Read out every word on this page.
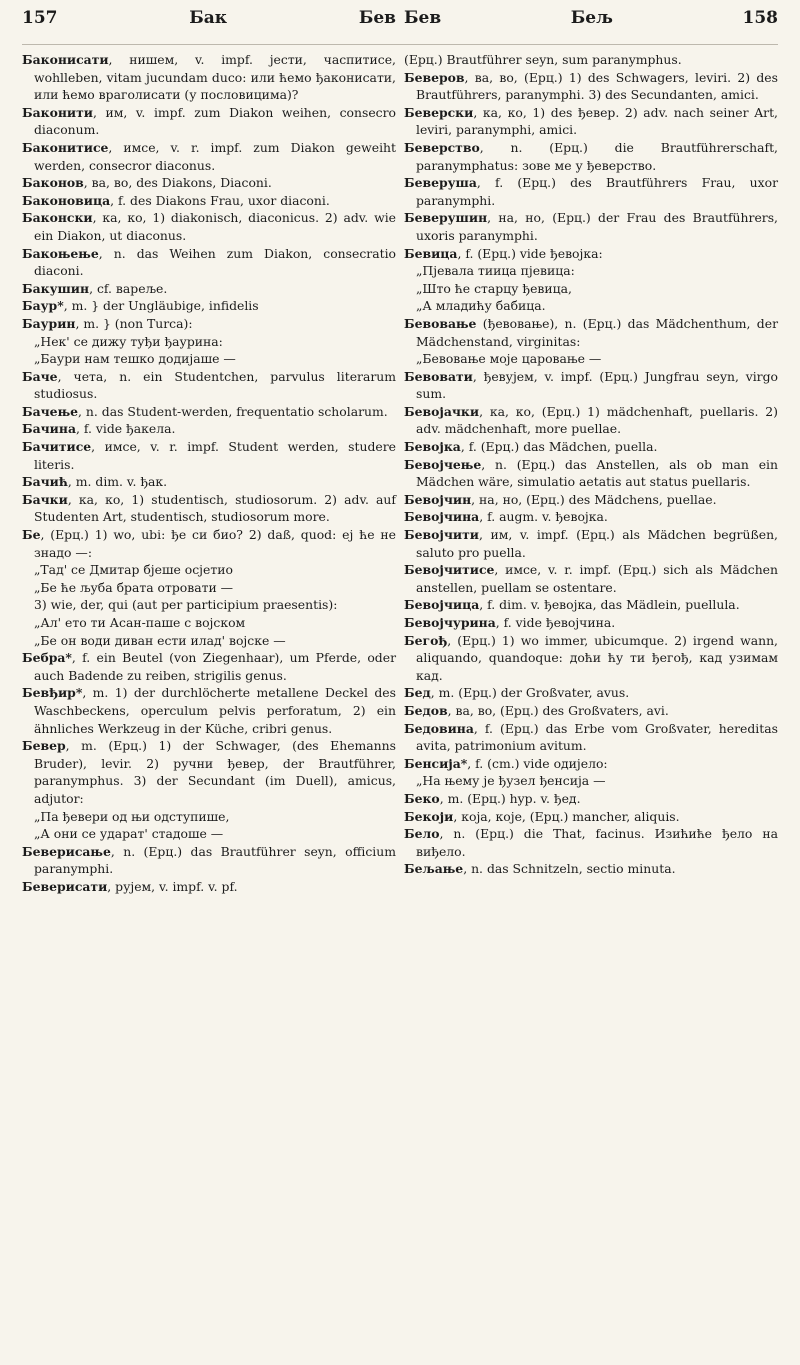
157	Бак	Бев Бев	Бељ	158

Баконисати, нишем, v. impf. јести, часпитисе, wohlleben, vitam jucundam duco: или ћемо ђаконисати, или ћемо враголисати (у пословицима)?

Баконити, им, v. impf. zum Diakon weihen, consecro diaconum.

Баконитисе, имсе, v. r. impf. zum Diakon geweiht werden, consecror diaconus.

Баконов, ва, во, des Diakons, Diaconi.

Баконовица, f. des Diakons Frau, uxor diaconi.

Баконски, ка, ко, 1) diakonisch, diaconicus. 2) adv. wie ein Diakon, ut diaconus.

Бакоњење, n. das Weihen zum Diakon, consecratio diaconi.

Бакушин, cf. вареље.

Баур*, m. } der Ungläubige, infidelis

Баурин, m. } (non Turca):

„Нек' се дижу туђи ђаурина:

„Баури нам тешко додијаше —

Баче, чета, n. ein Studentchen, parvulus literarum studiosus.

Бачење, n. das Student-werden, frequentatio scholarum.

Бачина, f. vide ђакела.

Бачитисе, имсе, v. r. impf. Student werden, studere literis.

Бачић, m. dim. v. ђак.

Бачки, ка, ко, 1) studentisch, studiosorum. 2) adv. auf Studenten Art, studentisch, studiosorum more.

Бе, (Ерц.) 1) wo, ubi: ђе си био? 2) daß, quod: ej ће не знадо —:

„Тад' се Дмитар бјеше осјетио

„Бе ће љуба брата отровати —

3) wie, der, qui (aut per participium praesentis):

„Ал' ето ти Асан-паше с војском

„Бе он води диван ести илад' војске —

Бебра*, f. ein Beutel (von Ziegenhaar), um Pferde, oder auch Badende zu reiben, strigilis genus.

Бевђир*, m. 1) der durchlöcherte metallene Deckel des Waschbeckens, operculum pelvis perforatum, 2) ein ähnliches Werkzeug in der Küche, cribri genus.

Бевер, m. (Ерц.) 1) der Schwager, (des Ehemanns Bruder), levir. 2) ручни ђевер, der Brautführer, paranymphus. 3) der Secundant (im Duell), amicus, adjutor:

„Па ђевери од њи одступише,

„А они се ударат' стадоше —

Беверисање, n. (Ерц.) das Brautführer seyn, officium paranymphi.

Беверисати, рујем, v. impf. v. pf.

(Ерц.) Brautführer seyn, sum paranymphus.

Беверов, ва, во, (Ерц.) 1) des Schwagers, leviri. 2) des Brautführers, paranymphi. 3) des Secundanten, amici.

Беверски, ка, ко, 1) des ђевер. 2) adv. nach seiner Art, leviri, paranymphi, amici.

Беверство, n. (Ерц.) die Brautführerschaft, paranymphatus: зове ме у ђеверство.

Беверуша, f. (Ерц.) des Brautführers Frau, uxor paranymphi.

Беверушин, на, но, (Ерц.) der Frau des Brautführers, uxoris paranymphi.

Бевица, f. (Ерц.) vide ђевојка:

„Пјевала тиица пјевица:

„Што ће старцу ђевица,

„А младићу бабица.

Бевовање (ђевовање), n. (Ерц.) das Mädchenthum, der Mädchenstand, virginitas:

„Бевовање моје царовање —

Бевовати, ђевујем, v. impf. (Ерц.) Jungfrau seyn, virgo sum.

Бевојачки, ка, ко, (Ерц.) 1) mädchenhaft, puellaris. 2) adv. mädchenhaft, more puellae.

Бевојка, f. (Ерц.) das Mädchen, puella.

Бевојчење, n. (Ерц.) das Anstellen, als ob man ein Mädchen wäre, simulatio aetatis aut status puellaris.

Бевојчин, на, но, (Ерц.) des Mädchens, puellae.

Бевојчина, f. augm. v. ђевојка.

Бевојчити, им, v. impf. (Ерц.) als Mädchen begrüßen, saluto pro puella.

Бевојчитисе, имсе, v. r. impf. (Ерц.) sich als Mädchen anstellen, puellam se ostentare.

Бевојчица, f. dim. v. ђевојка, das Mädlein, puellula.

Бевојчурина, f. vide ђевојчина.

Бегођ, (Ерц.) 1) wo immer, ubicumque. 2) irgend wann, aliquando, quandoque: доћи ћу ти ђегођ, кад узимам кад.

Бед, m. (Ерц.) der Großvater, avus.

Бедов, ва, во, (Ерц.) des Großvaters, avi.

Бедовина, f. (Ерц.) das Erbe vom Großvater, hereditas avita, patrimonium avitum.

Бенсија*, f. (сm.) vide одијело:

„На њему је ђузел ђенсија —

Беко, m. (Ерц.) hyp. v. ђед.

Бекоји, која, које, (Ерц.) mancher, aliquis.

Бело, n. (Ерц.) die That, facinus. Изићиће ђело на виђело.

Бељање, n. das Schnitzeln, sectio minuta.
